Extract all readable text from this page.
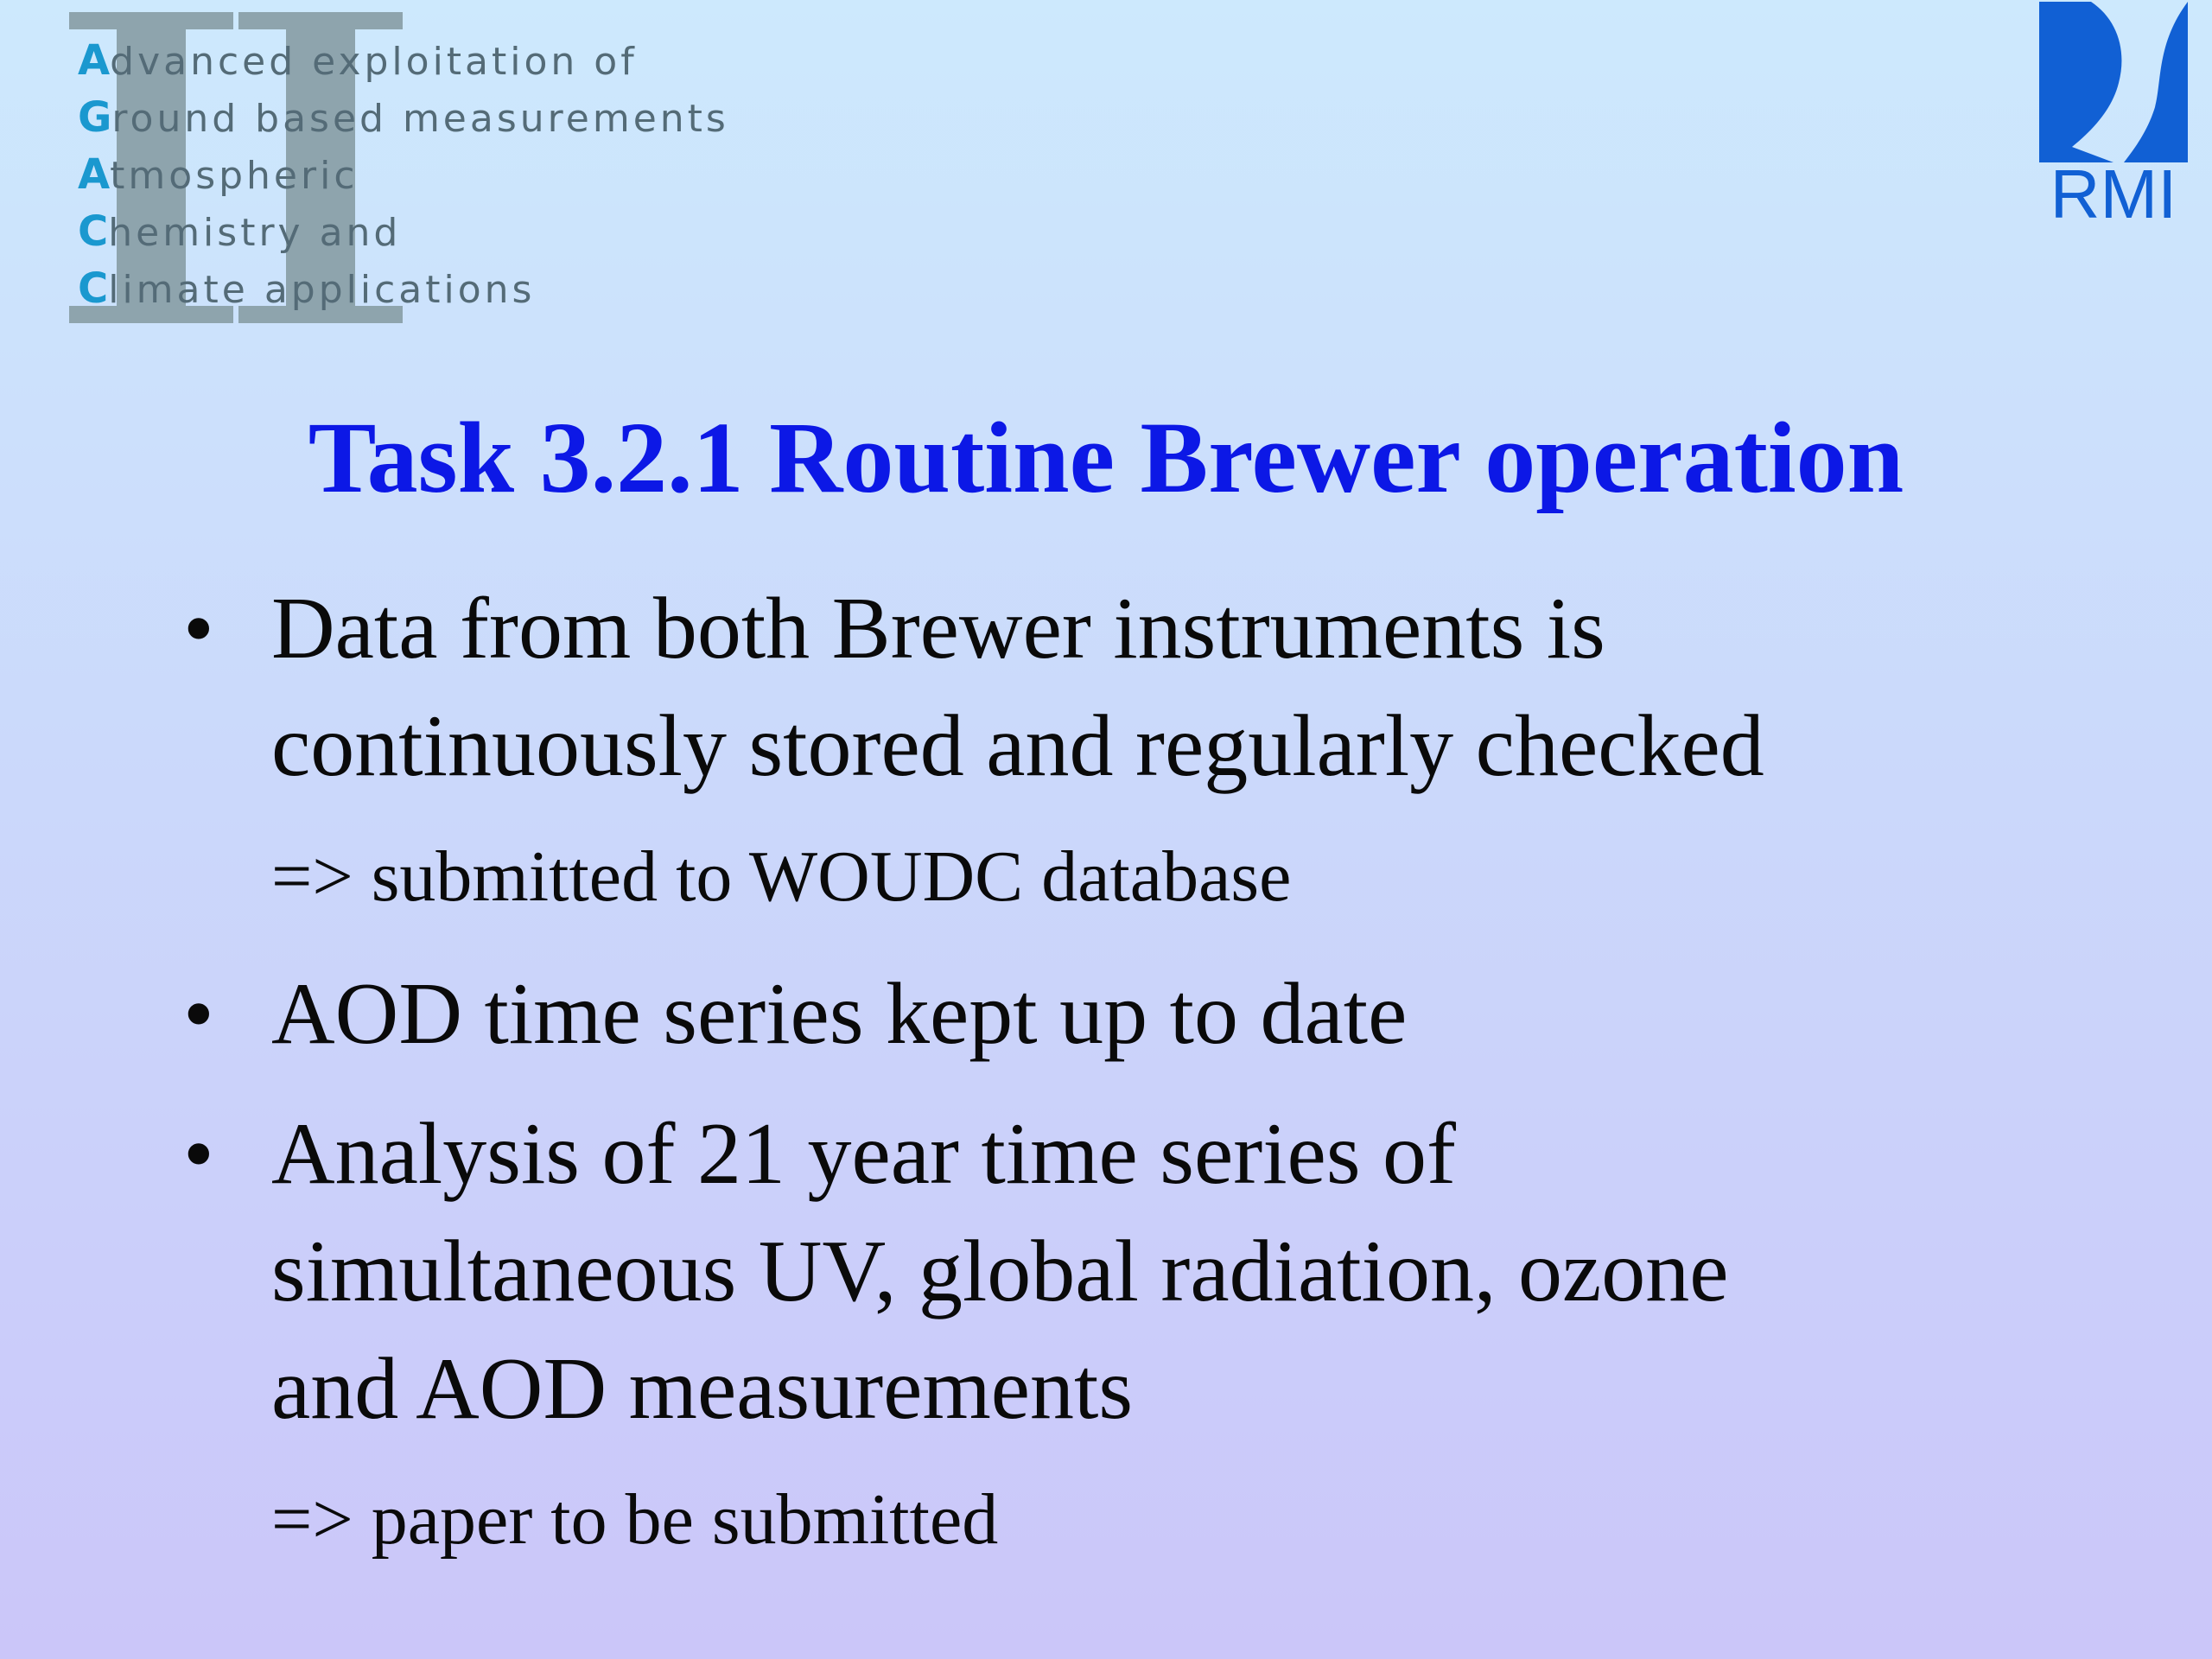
Advanced exploitation of
Ground based measurements
Atmospheric
Chemistry and
Climate applications
RMI
Task 3.2.1 Routine Brewer operation
• Data from both Brewer instruments is
continuously stored and regularly checked
=> submitted to WOUDC database
• AOD time series kept up to date
• Analysis of 21 year time series of
simultaneous UV, global radiation, ozone
and AOD measurements
=> paper to be submitted
